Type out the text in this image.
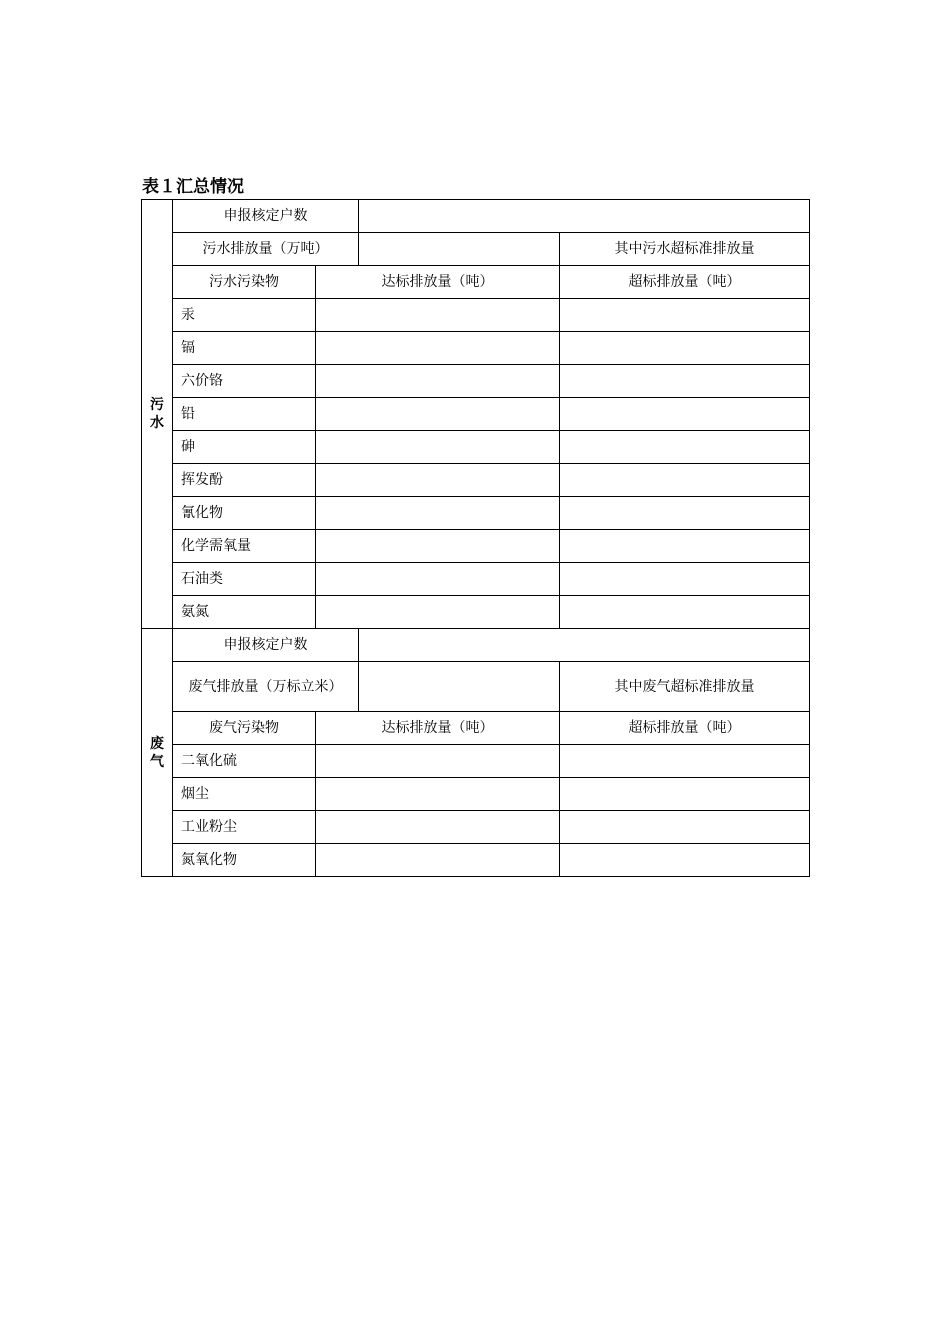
表１汇总情况
污
水	申报核定户数				
	污水排放量（万吨）			其中污水超标准排放量	
	污水污染物	达标排放量（吨）		超标排放量（吨）	
	汞				
	镉				
	六价铬				
	铅				
	砷				
	挥发酚				
	氰化物				
	化学需氧量				
	石油类				
	氨氮				

废
气	申报核定户数				
	废气排放量（万标立米）			其中废气超标准排放量	
	废气污染物	达标排放量（吨）		超标排放量（吨）	
	二氧化硫				
	烟尘				
	工业粉尘				
	氮氧化物				
